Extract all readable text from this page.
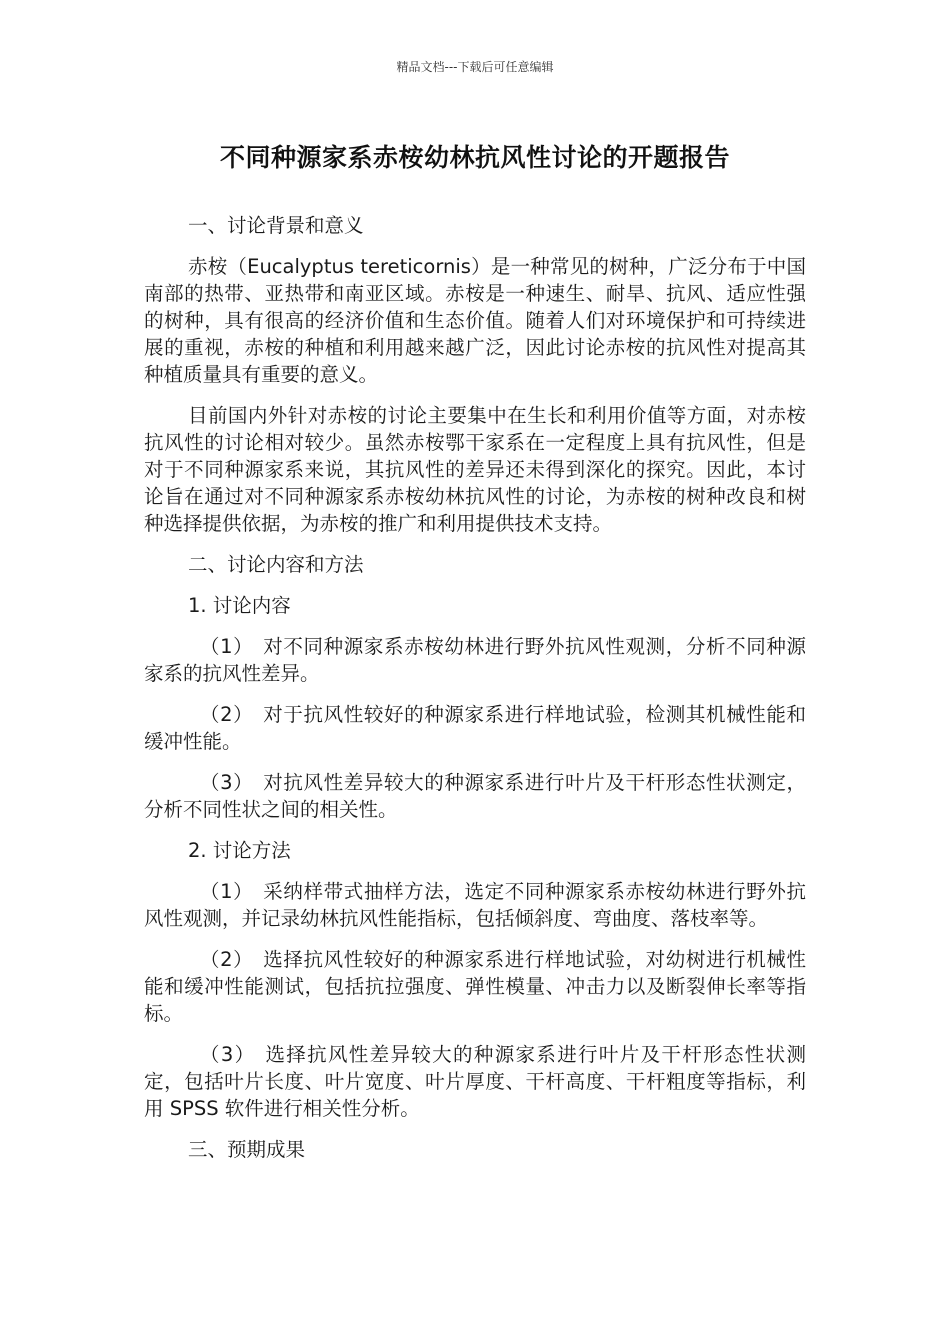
精品文档---下载后可任意编辑
不同种源家系赤桉幼林抗风性讨论的开题报告

一、讨论背景和意义

赤桉（Eucalyptus tereticornis）是一种常见的树种，广泛分布于中国南部的热带、亚热带和南亚区域。赤桉是一种速生、耐旱、抗风、适应性强的树种，具有很高的经济价值和生态价值。随着人们对环境保护和可持续进展的重视，赤桉的种植和利用越来越广泛，因此讨论赤桉的抗风性对提高其种植质量具有重要的意义。

目前国内外针对赤桉的讨论主要集中在生长和利用价值等方面，对赤桉抗风性的讨论相对较少。虽然赤桉鄂干家系在一定程度上具有抗风性，但是对于不同种源家系来说，其抗风性的差异还未得到深化的探究。因此，本讨论旨在通过对不同种源家系赤桉幼林抗风性的讨论，为赤桉的树种改良和树种选择提供依据，为赤桉的推广和利用提供技术支持。

二、讨论内容和方法

1. 讨论内容

（1） 对不同种源家系赤桉幼林进行野外抗风性观测，分析不同种源家系的抗风性差异。

（2） 对于抗风性较好的种源家系进行样地试验，检测其机械性能和缓冲性能。

（3） 对抗风性差异较大的种源家系进行叶片及干杆形态性状测定，分析不同性状之间的相关性。

2. 讨论方法

（1） 采纳样带式抽样方法，选定不同种源家系赤桉幼林进行野外抗风性观测，并记录幼林抗风性能指标，包括倾斜度、弯曲度、落枝率等。

（2） 选择抗风性较好的种源家系进行样地试验，对幼树进行机械性能和缓冲性能测试，包括抗拉强度、弹性模量、冲击力以及断裂伸长率等指标。

（3） 选择抗风性差异较大的种源家系进行叶片及干杆形态性状测定，包括叶片长度、叶片宽度、叶片厚度、干杆高度、干杆粗度等指标，利用 SPSS 软件进行相关性分析。

三、预期成果
